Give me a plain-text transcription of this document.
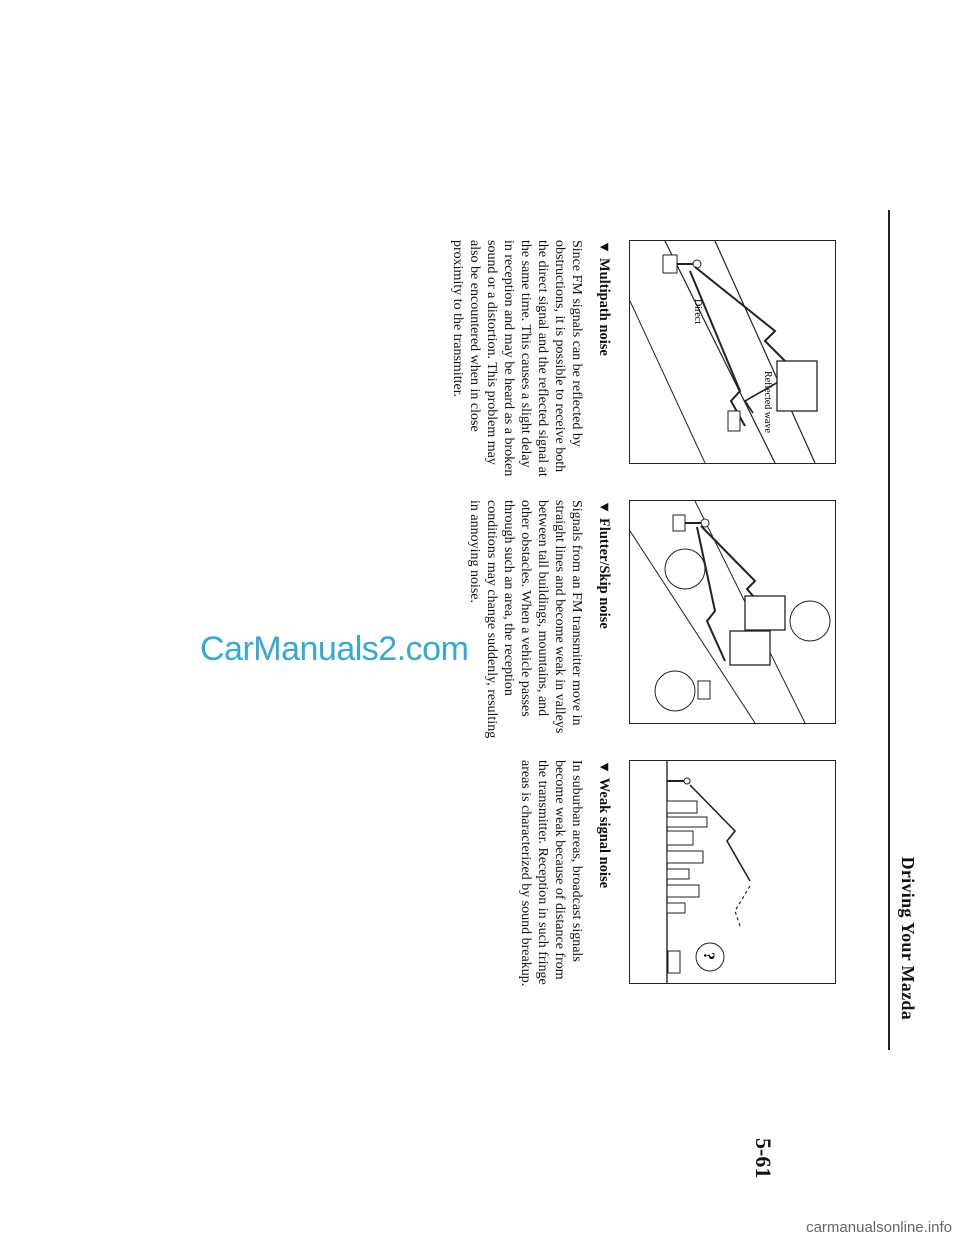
Driving Your Mazda
Direct
Reflected wave
?
▼ Multipath noise

Since FM signals can be reflected by obstructions, it is possible to receive both the direct signal and the reflected signal at the same time. This causes a slight delay in reception and may be heard as a broken sound or a distortion. This problem may also be encountered when in close proximity to the transmitter.

▼ Flutter/Skip noise

Signals from an FM transmitter move in straight lines and become weak in valleys between tall buildings, mountains, and other obstacles. When a vehicle passes through such an area, the reception conditions may change suddenly, resulting in annoying noise.

▼ Weak signal noise

In suburban areas, broadcast signals become weak because of distance from the transmitter. Reception in such fringe areas is characterized by sound breakup.

5-61
CarManuals2.com
carmanualsonline.info
